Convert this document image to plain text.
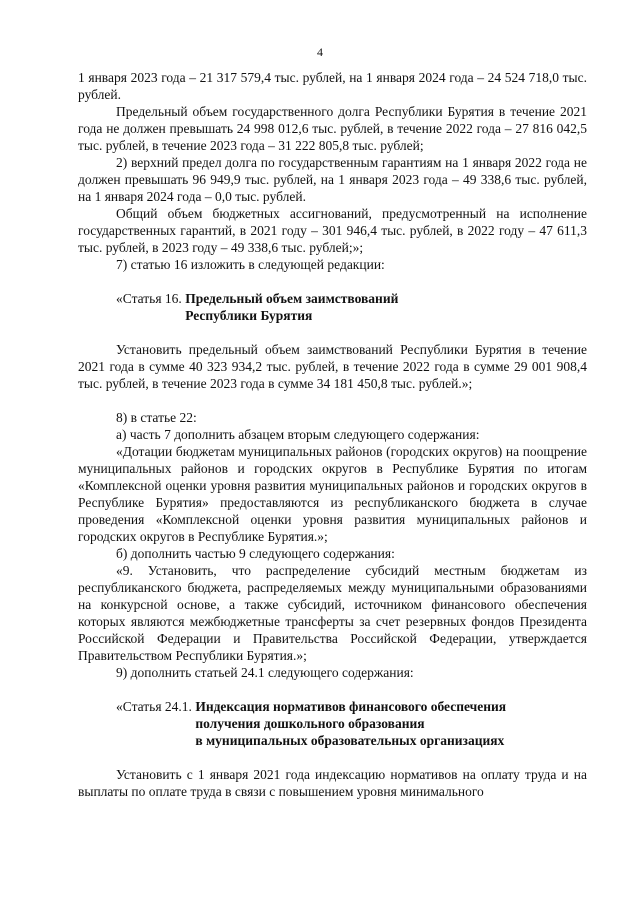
4

1 января 2023 года – 21 317 579,4 тыс. рублей, на 1 января 2024 года – 24 524 718,0 тыс. рублей.

Предельный объем государственного долга Республики Бурятия в течение 2021 года не должен превышать 24 998 012,6 тыс. рублей, в течение 2022 года – 27 816 042,5 тыс. рублей, в течение 2023 года – 31 222 805,8 тыс. рублей;

2) верхний предел долга по государственным гарантиям на 1 января 2022 года не должен превышать 96 949,9 тыс. рублей, на 1 января 2023 года – 49 338,6 тыс. рублей, на 1 января 2024 года – 0,0 тыс. рублей.

Общий объем бюджетных ассигнований, предусмотренный на исполнение государственных гарантий, в 2021 году – 301 946,4 тыс. рублей, в 2022 году – 47 611,3 тыс. рублей, в 2023 году – 49 338,6 тыс. рублей;»;

7) статью 16 изложить в следующей редакции:

«Статья 16. Предельный объем заимствований
Республики Бурятия

Установить предельный объем заимствований Республики Бурятия в течение 2021 года в сумме 40 323 934,2 тыс. рублей, в течение 2022 года в сумме 29 001 908,4 тыс. рублей, в течение 2023 года в сумме 34 181 450,8 тыс. рублей.»;

8) в статье 22:

а) часть 7 дополнить абзацем вторым следующего содержания:

«Дотации бюджетам муниципальных районов (городских округов) на поощрение муниципальных районов и городских округов в Республике Бурятия по итогам «Комплексной оценки уровня развития муниципальных районов и городских округов в Республике Бурятия» предоставляются из республиканского бюджета в случае проведения «Комплексной оценки уровня развития муниципальных районов и городских округов в Республике Бурятия.»;

б) дополнить частью 9 следующего содержания:

«9. Установить, что распределение субсидий местным бюджетам из республиканского бюджета, распределяемых между муниципальными образованиями на конкурсной основе, а также субсидий, источником финансового обеспечения которых являются межбюджетные трансферты за счет резервных фондов Президента Российской Федерации и Правительства Российской Федерации, утверждается Правительством Республики Бурятия.»;

9) дополнить статьей 24.1 следующего содержания:

«Статья 24.1. Индексация нормативов финансового обеспечения
получения дошкольного образования
в муниципальных образовательных организациях

Установить с 1 января 2021 года индексацию нормативов на оплату труда и на выплаты по оплате труда в связи с повышением уровня минимального
